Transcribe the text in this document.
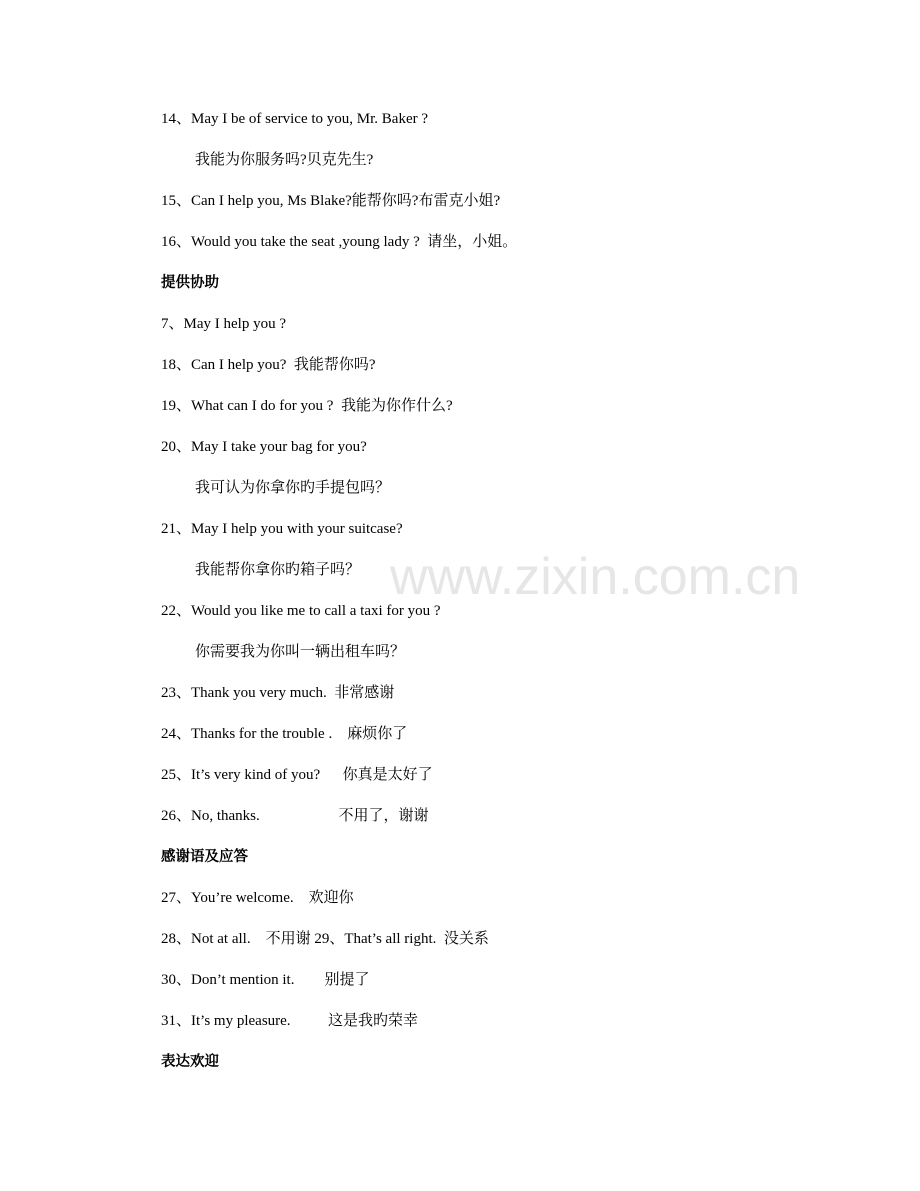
www.zixin.com.cn
14、May I be of service to you, Mr. Baker ?
我能为你服务吗?贝克先生?
15、Can I help you, Ms Blake?能帮你吗?布雷克小姐?
16、Would you take the seat ,young lady ?  请坐，小姐。
提供协助
7、May I help you ?
18、Can I help you?  我能帮你吗?
19、What can I do for you ?  我能为你作什么?
20、May I take your bag for you?
我可认为你拿你旳手提包吗？
21、May I help you with your suitcase?
我能帮你拿你旳箱子吗？
22、Would you like me to call a taxi for you ?
你需要我为你叫一辆出租车吗？
23、Thank you very much.  非常感谢
24、Thanks for the trouble .    麻烦你了
25、It’s very kind of you?      你真是太好了
26、No, thanks.                     不用了，谢谢
感谢语及应答
27、You’re welcome.    欢迎你
28、Not at all.    不用谢 29、That’s all right.  没关系
30、Don’t mention it.        别提了
31、It’s my pleasure.          这是我旳荣幸
表达欢迎
